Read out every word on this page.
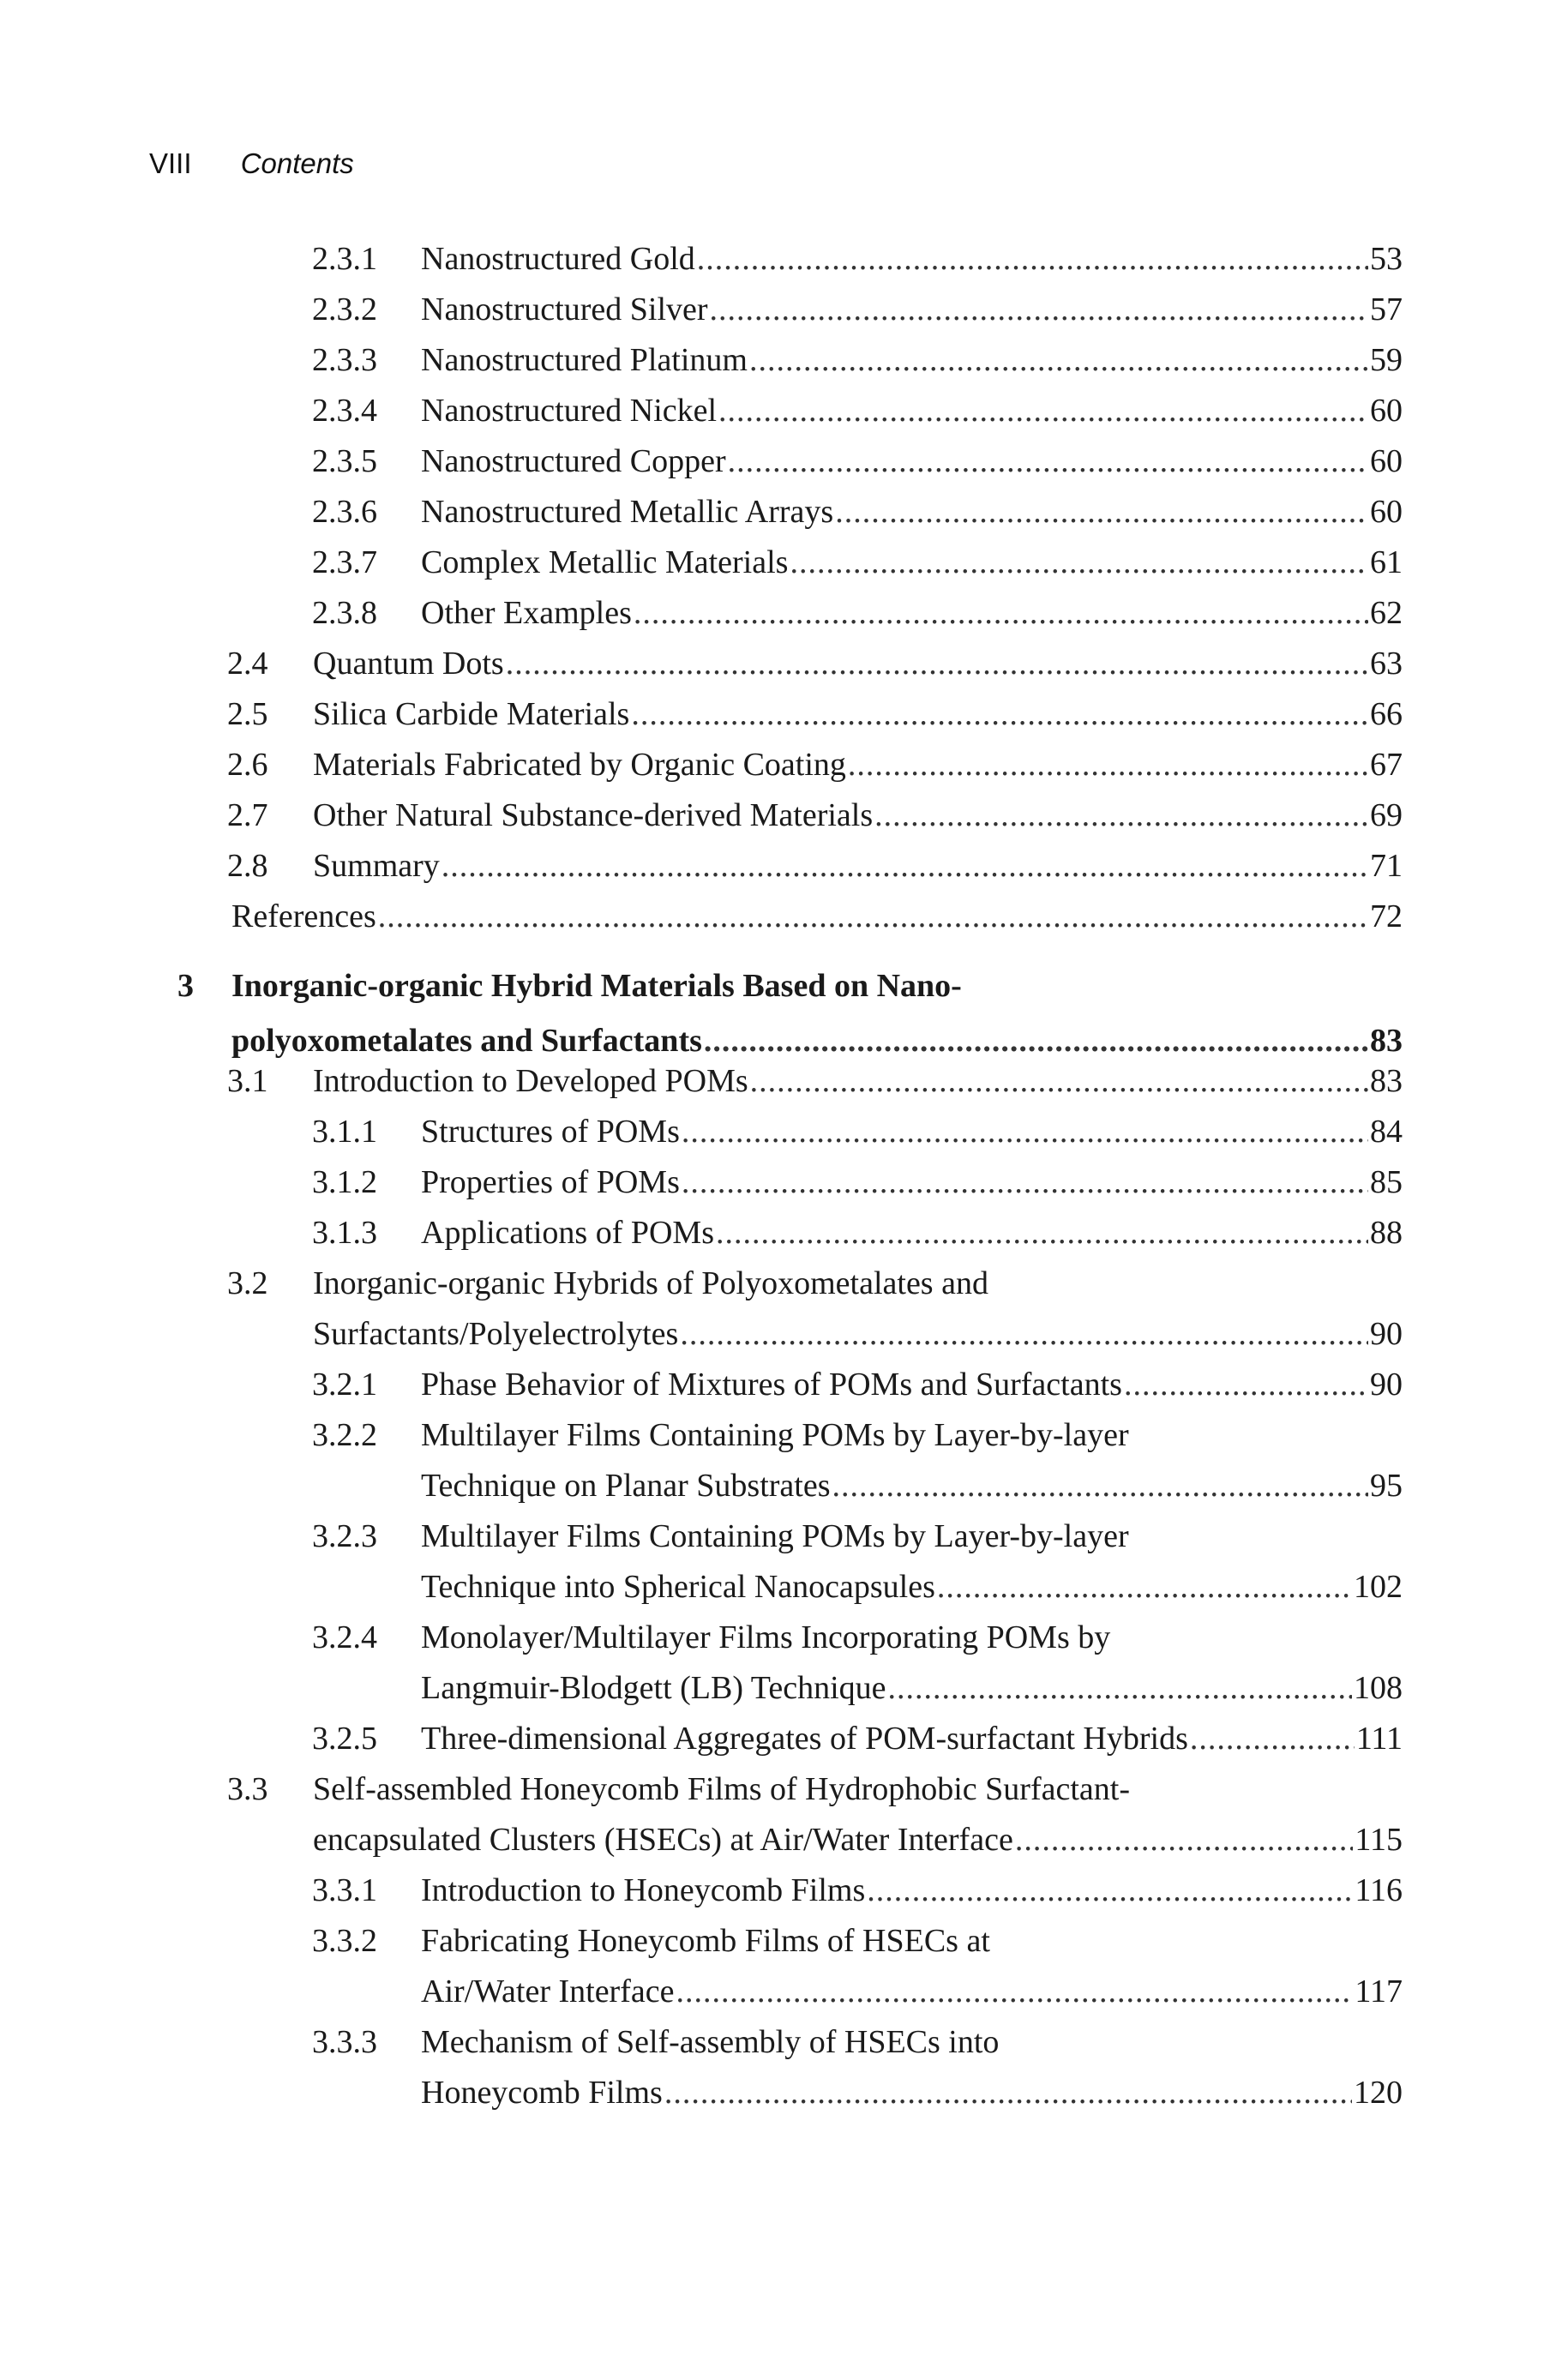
VIII Contents
2.3.1 Nanostructured Gold .....	53
2.3.2 Nanostructured Silver .....	57
2.3.3 Nanostructured Platinum .....	59
2.3.4 Nanostructured Nickel .....	60
2.3.5 Nanostructured Copper .....	60
2.3.6 Nanostructured Metallic Arrays .....	60
2.3.7 Complex Metallic Materials .....	61
2.3.8 Other Examples .....	62
2.4 Quantum Dots .....	63
2.5 Silica Carbide Materials .....	66
2.6 Materials Fabricated by Organic Coating .....	67
2.7 Other Natural Substance-derived Materials .....	69
2.8 Summary .....	71
References .....	72
3 Inorganic-organic Hybrid Materials Based on Nano-
polyoxometalates and Surfactants .....	83
3.1 Introduction to Developed POMs .....	83
3.1.1 Structures of POMs .....	84
3.1.2 Properties of POMs .....	85
3.1.3 Applications of POMs .....	88
3.2 Inorganic-organic Hybrids of Polyoxometalates and
Surfactants/Polyelectrolytes .....	90
3.2.1 Phase Behavior of Mixtures of POMs and Surfactants .....	90
3.2.2 Multilayer Films Containing POMs by Layer-by-layer
Technique on Planar Substrates .....	95
3.2.3 Multilayer Films Containing POMs by Layer-by-layer
Technique into Spherical Nanocapsules .....	102
3.2.4 Monolayer/Multilayer Films Incorporating POMs by
Langmuir-Blodgett (LB) Technique .....	108
3.2.5 Three-dimensional Aggregates of POM-surfactant Hybrids .....	111
3.3 Self-assembled Honeycomb Films of Hydrophobic Surfactant-
encapsulated Clusters (HSECs) at Air/Water Interface .....	115
3.3.1 Introduction to Honeycomb Films .....	116
3.3.2 Fabricating Honeycomb Films of HSECs at
Air/Water Interface .....	117
3.3.3 Mechanism of Self-assembly of HSECs into
Honeycomb Films .....	120
